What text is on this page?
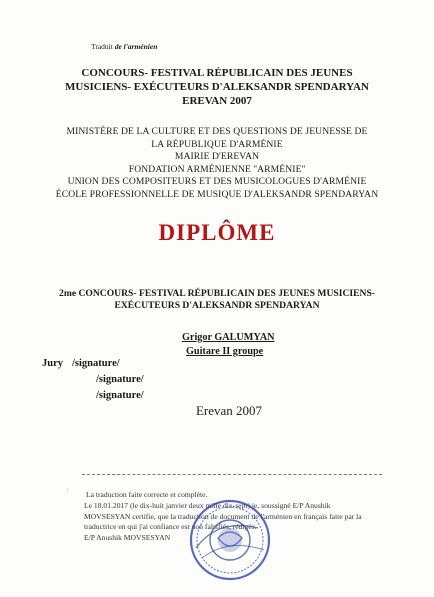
Traduit de l'arménien
CONCOURS- FESTIVAL RÉPUBLICAIN DES JEUNES
MUSICIENS- EXÉCUTEURS D'ALEKSANDR SPENDARYAN
EREVAN 2007
MINISTÈRE DE LA CULTURE ET DES QUESTIONS DE JEUNESSE DE
LA RÉPUBLIQUE D'ARMÉNIE
MAIRIE D'EREVAN
FONDATION ARMÉNIENNE ''ARMÉNIE''
UNION DES COMPOSITEURS ET DES MUSICOLOGUES D'ARMÉNIE
ÉCOLE PROFESSIONNELLE DE MUSIQUE D'ALEKSANDR SPENDARYAN
DIPLÔME
2me CONCOURS- FESTIVAL RÉPUBLICAIN DES JEUNES MUSICIENS-
EXÉCUTEURS D'ALEKSANDR SPENDARYAN
Grigor GALUMYAN
Guitare II groupe
Jury /signature/
/signature/
/signature/
Erevan 2007
ʿ La traduction faite correcte et complète.
Le 18.01.2017 (le dix-huit janvier deux mille dix-sept) je, soussigné E/P Anushik
MOVSESYAN certifie, que la traduction de document de l'arménien en français faite par la
traductrice en qui j'ai confiance est non falsifiés, rédigés.
E/P Anushik MOVSESYAN
